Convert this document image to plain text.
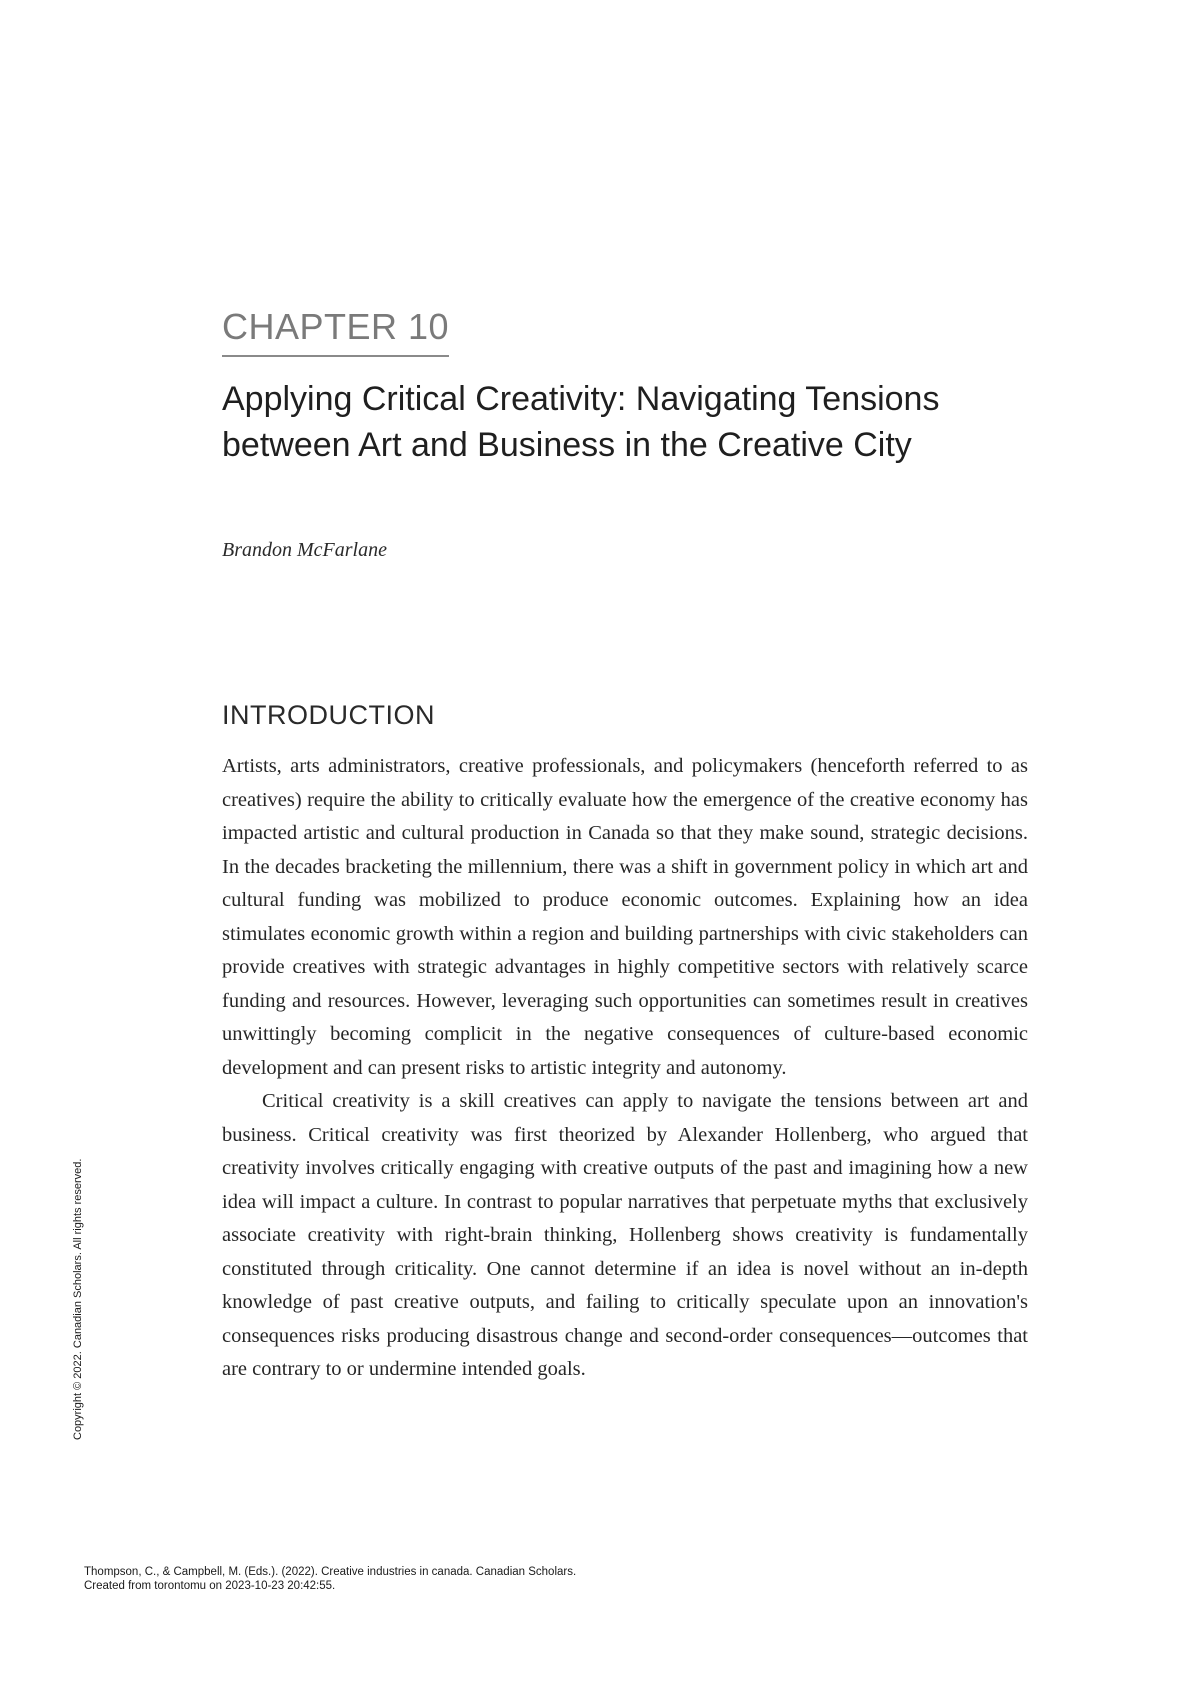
CHAPTER 10
Applying Critical Creativity: Navigating Tensions between Art and Business in the Creative City
Brandon McFarlane
INTRODUCTION

Artists, arts administrators, creative professionals, and policymakers (henceforth referred to as creatives) require the ability to critically evaluate how the emergence of the creative economy has impacted artistic and cultural production in Canada so that they make sound, strategic decisions. In the decades bracketing the millennium, there was a shift in government policy in which art and cultural funding was mobilized to produce economic outcomes. Explaining how an idea stimulates economic growth within a region and building partnerships with civic stakeholders can provide creatives with strategic advantages in highly competitive sectors with relatively scarce funding and resources. However, leveraging such opportunities can sometimes result in creatives unwittingly becoming complicit in the negative consequences of culture-based economic development and can present risks to artistic integrity and autonomy.

Critical creativity is a skill creatives can apply to navigate the tensions between art and business. Critical creativity was first theorized by Alexander Hollenberg, who argued that creativity involves critically engaging with creative outputs of the past and imagining how a new idea will impact a culture. In contrast to popular narratives that perpetuate myths that exclusively associate creativity with right-brain thinking, Hollenberg shows creativity is fundamentally constituted through criticality. One cannot determine if an idea is novel without an in-depth knowledge of past creative outputs, and failing to critically speculate upon an innovation's consequences risks producing disastrous change and second-order consequences—outcomes that are contrary to or undermine intended goals.

Copyright © 2022. Canadian Scholars. All rights reserved.
Thompson, C., & Campbell, M. (Eds.). (2022). Creative industries in canada. Canadian Scholars.
Created from torontomu on 2023-10-23 20:42:55.
